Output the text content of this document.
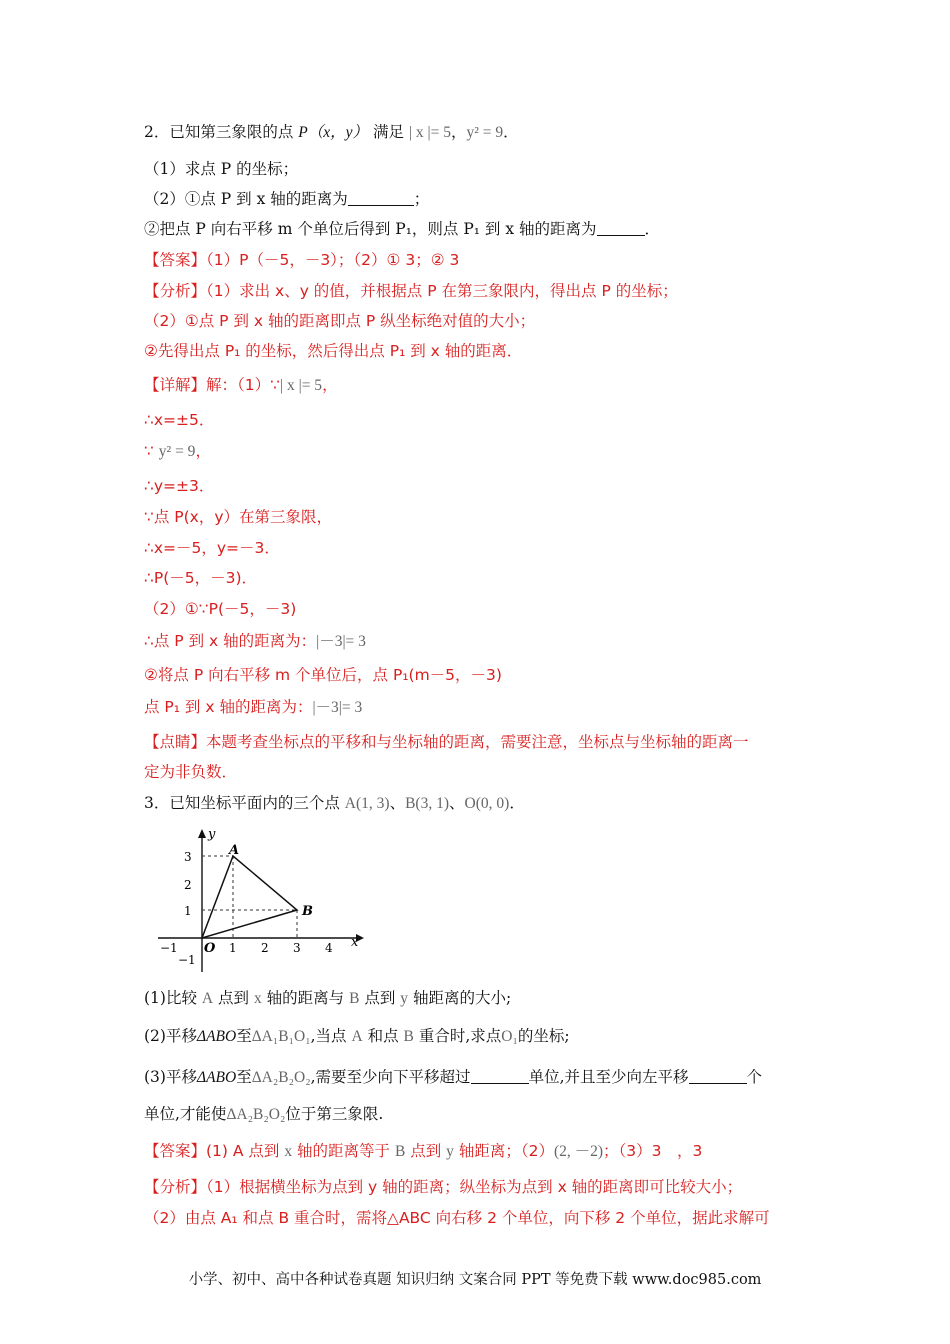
2．已知第三象限的点 P（x，y） 满足 | x |= 5，y² = 9．
（1）求点 P 的坐标；
（2）①点 P 到 x 轴的距离为	；
②把点 P 向右平移 m 个单位后得到 P₁，则点 P₁ 到 x 轴的距离为	．
【答案】（1）P（－5，－3）；（2）① 3；② 3
【分析】（1）求出 x、y 的值，并根据点 P 在第三象限内，得出点 P 的坐标；
（2）①点 P 到 x 轴的距离即点 P 纵坐标绝对值的大小；
②先得出点 P₁ 的坐标，然后得出点 P₁ 到 x 轴的距离．
【详解】解：（1）∵| x |= 5，
∴x=±5．
∵ y² = 9，
∴y=±3．
∵点 P(x，y）在第三象限，
∴x=－5，y=－3．
∴P(－5，－3)．
（2）①∵P(－5，－3)
∴点 P 到 x 轴的距离为：|－3|= 3
②将点 P 向右平移 m 个单位后，点 P₁(m－5，－3)
点 P₁ 到 x 轴的距离为：|－3|= 3
【点睛】本题考查坐标点的平移和与坐标轴的距离，需要注意，坐标点与坐标轴的距离一
定为非负数．
3．已知坐标平面内的三个点 A(1, 3)、B(3, 1)、O(0, 0)．
y
x
A
B
O
−1	1 2 3 4
3
2
1
−1
(1)比较 A 点到 x 轴的距离与 B 点到 y 轴距离的大小;
(2)平移ΔABO至ΔA₁B₁O₁,当点 A 和点 B 重合时,求点O₁的坐标;
(3)平移ΔABO至ΔA₂B₂O₂,需要至少向下平移超过	单位,并且至少向左平移	个
单位,才能使ΔA₂B₂O₂位于第三象限.
【答案】(1) A 点到 x 轴的距离等于 B 点到 y 轴距离；（2）(2, －2)；（3）3　，3
【分析】（1）根据横坐标为点到 y 轴的距离；纵坐标为点到 x 轴的距离即可比较大小；
（2）由点 A₁ 和点 B 重合时，需将△ABC 向右移 2 个单位，向下移 2 个单位，据此求解可
小学、初中、高中各种试卷真题 知识归纳 文案合同 PPT 等免费下载 www.doc985.com
